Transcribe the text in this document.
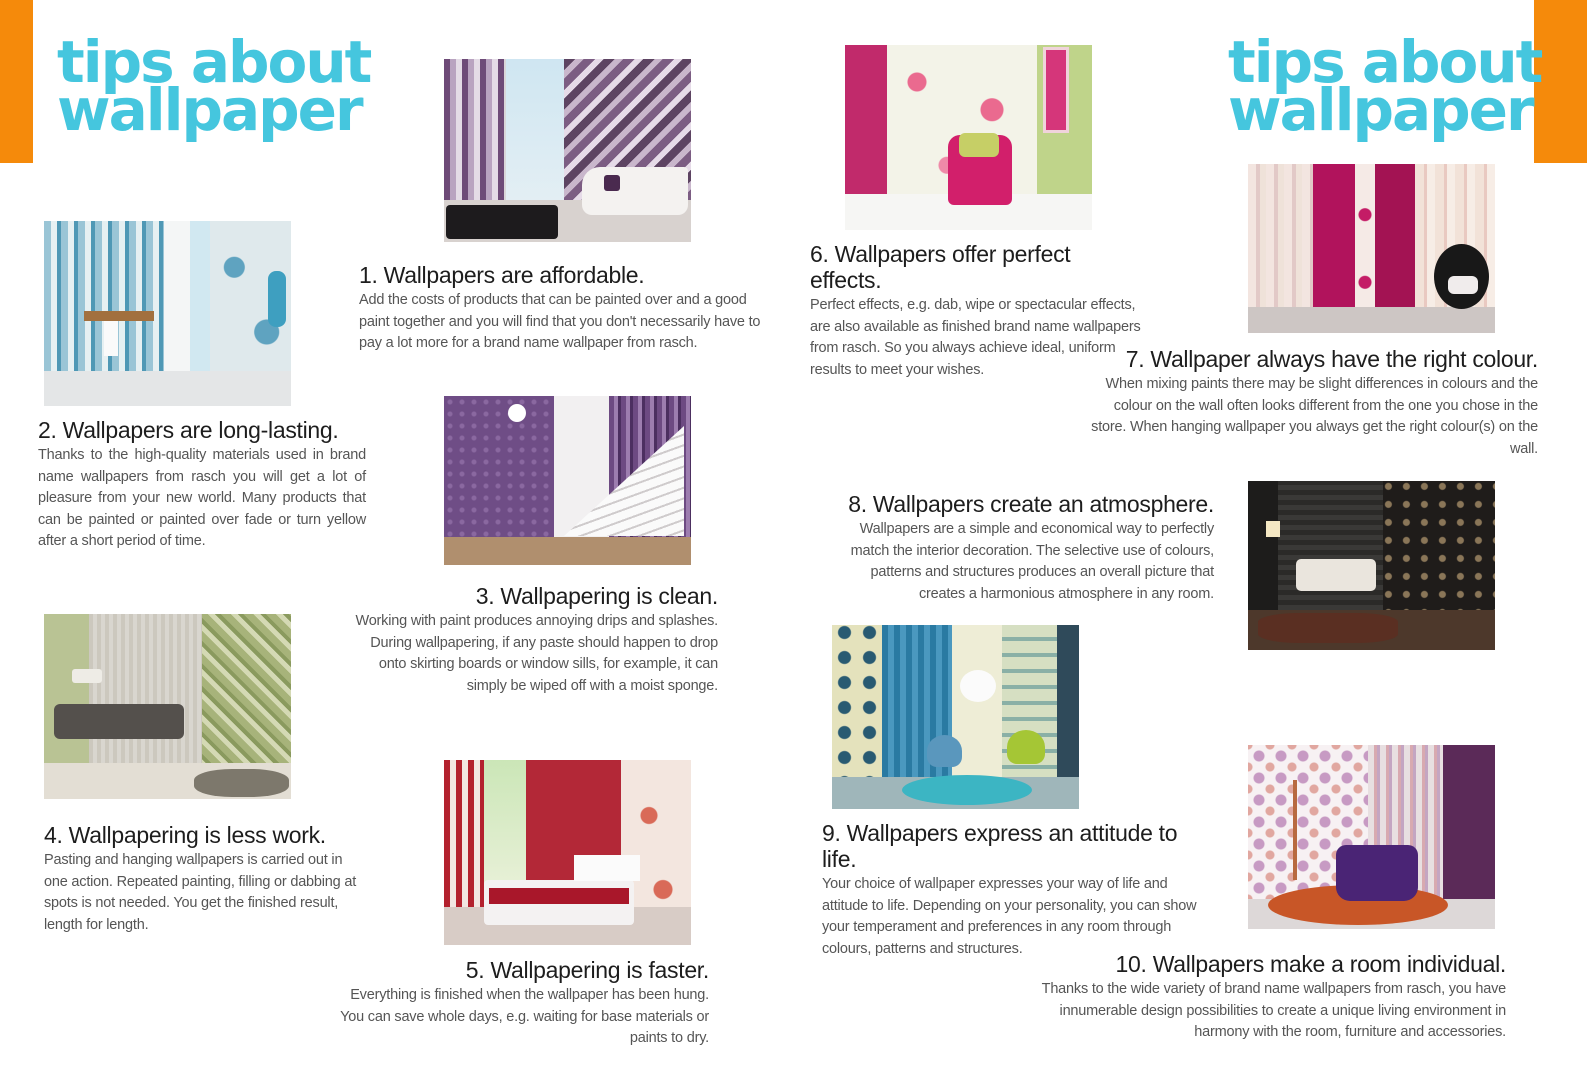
tips about
wallpaper
tips about
wallpaper
1. Wallpapers are affordable.

Add the costs of products that can be painted over and a good paint together and you will find that you don't necessarily have to pay a lot more for a brand name wallpaper from rasch.

2. Wallpapers are long-lasting.

Thanks to the high-quality materials used in brand name wallpapers from rasch you will get a lot of pleasure from your new world. Many products that can be painted or painted over fade or turn yellow after a short period of time.

3. Wallpapering is clean.

Working with paint produces annoying drips and splashes. During wallpapering, if any paste should happen to drop onto skirting boards or window sills, for example, it can simply be wiped off with a moist sponge.

4. Wallpapering is less work.

Pasting and hanging wallpapers is carried out in one action. Repeated painting, filling or dabbing at spots is not needed. You get the finished result, length for length.

5. Wallpapering is faster.

Everything is finished when the wallpaper has been hung. You can save whole days, e.g. waiting for base materials or paints to dry.

6. Wallpapers offer perfect effects.

Perfect effects, e.g. dab, wipe or spectacular effects, are also available as finished brand name wallpapers from rasch. So you always achieve ideal, uniform results to meet your wishes.	7. Wallpaper always have the right colour.

When mixing paints there may be slight differences in colours and the colour on the wall often looks different from the one you chose in the store. When hanging wallpaper you always get the right colour(s) on the wall.

8. Wallpapers create an atmosphere.

Wallpapers are a simple and economical way to perfectly match the interior decoration. The selective use of colours, patterns and structures produces an overall picture that creates a harmonious atmosphere in any room.

9. Wallpapers express an attitude to life.

Your choice of wallpaper expresses your way of life and attitude to life. Depending on your personality, you can show your temperament and preferences in any room through colours, patterns and structures.

10. Wallpapers make a room individual.

Thanks to the wide variety of brand name wallpapers from rasch, you have innumerable design possibilities to create a unique living environment in harmony with the room, furniture and accessories.
